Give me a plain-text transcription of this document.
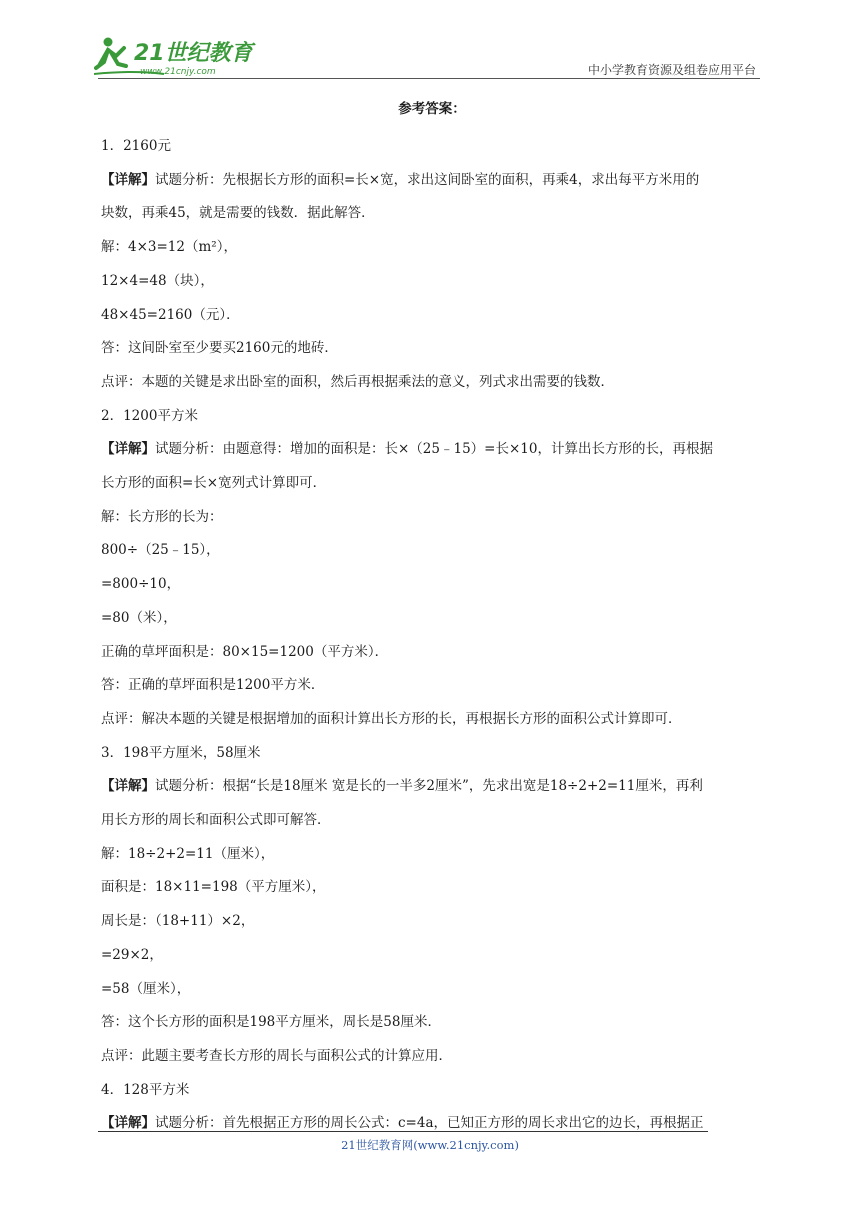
21世纪教育
www.21cnjy.com	中小学教育资源及组卷应用平台
参考答案：
1．2160元
【详解】试题分析：先根据长方形的面积=长×宽，求出这间卧室的面积，再乘4，求出每平方米用的
块数，再乘45，就是需要的钱数．据此解答．
解：4×3=12（m²），
12×4=48（块），
48×45=2160（元）．
答：这间卧室至少要买2160元的地砖．
点评：本题的关键是求出卧室的面积，然后再根据乘法的意义，列式求出需要的钱数．
2．1200平方米
【详解】试题分析：由题意得：增加的面积是：长×（25﹣15）=长×10，计算出长方形的长，再根据
长方形的面积=长×宽列式计算即可．
解：长方形的长为：
800÷（25﹣15），
=800÷10，
=80（米），
正确的草坪面积是：80×15=1200（平方米）．
答：正确的草坪面积是1200平方米．
点评：解决本题的关键是根据增加的面积计算出长方形的长，再根据长方形的面积公式计算即可．
3．198平方厘米，58厘米
【详解】试题分析：根据“长是18厘米 宽是长的一半多2厘米”，先求出宽是18÷2+2=11厘米，再利
用长方形的周长和面积公式即可解答．
解：18÷2+2=11（厘米），
面积是：18×11=198（平方厘米），
周长是：（18+11）×2，
=29×2，
=58（厘米），
答：这个长方形的面积是198平方厘米，周长是58厘米．
点评：此题主要考查长方形的周长与面积公式的计算应用．
4．128平方米
【详解】试题分析：首先根据正方形的周长公式：c=4a，已知正方形的周长求出它的边长，再根据正
21世纪教育网(www.21cnjy.com)
